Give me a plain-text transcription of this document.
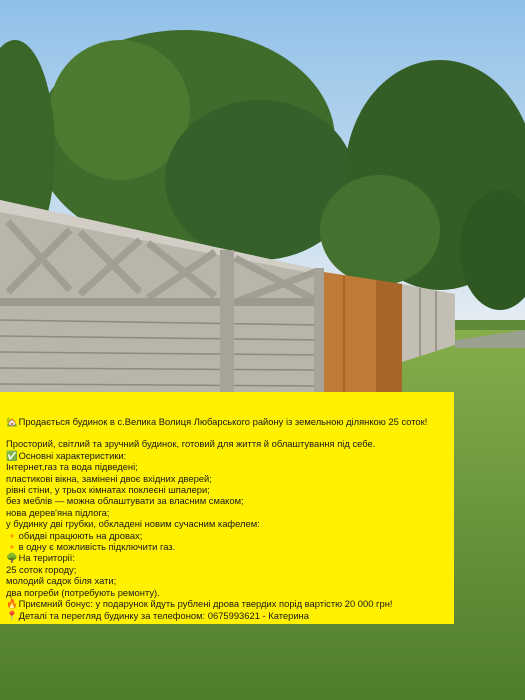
🏡 Продається будинок в с.Велика Волиця Любарського району із земельною ділянкою 25 соток!

Просторий, світлий та зручний будинок, готовий для життя й облаштування під себе.

✅ Основні характеристики:

Інтернет,газ та вода підведені;

пластикові вікна, замінені двоє вхідних дверей;

рівні стіни, у трьох кімнатах поклеєні шпалери;

без меблів — можна облаштувати за власним смаком;

нова дерев'яна підлога;

у будинку дві грубки, обкладені новим сучасним кафелем:

🔸 обидві працюють на дровах;

🔸 в одну є можливість підключити газ.

🌳 На території:

25 соток городу;

молодий садок біля хати;

два погреби (потребують ремонту).

🔥 Приємний бонус: у подарунок йдуть рублені дрова твердих порід вартістю 20 000 грн!

📍 Деталі та перегляд будинку за телефоном: 0675993621 - Катерина
